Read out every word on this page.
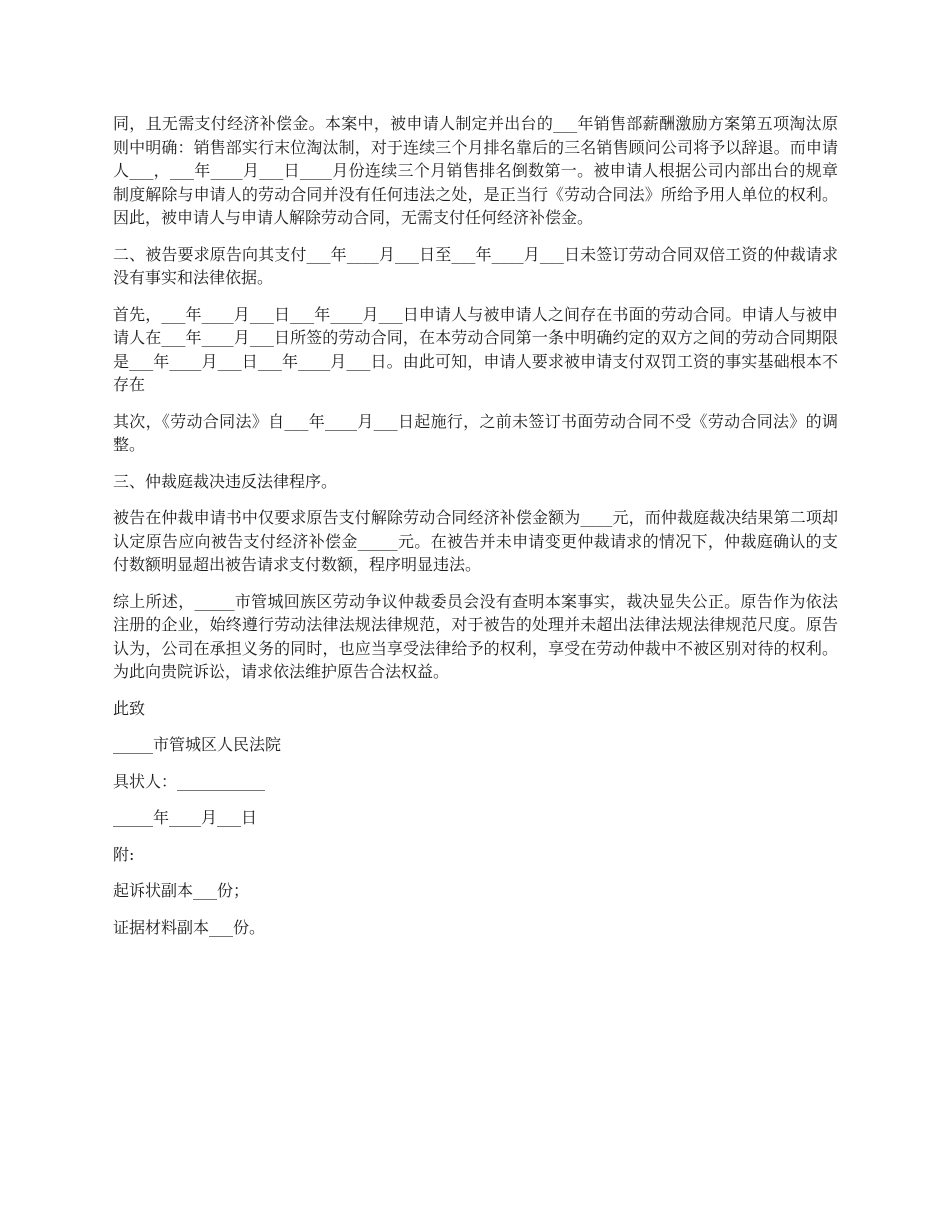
同，且无需支付经济补偿金。本案中，被申请人制定并出台的___年销售部薪酬激励方案第五项淘汰原则中明确：销售部实行末位淘汰制，对于连续三个月排名靠后的三名销售顾问公司将予以辞退。而申请人___，___年____月___日____月份连续三个月销售排名倒数第一。被申请人根据公司内部出台的规章制度解除与申请人的劳动合同并没有任何违法之处，是正当行《劳动合同法》所给予用人单位的权利。因此，被申请人与申请人解除劳动合同，无需支付任何经济补偿金。

二、被告要求原告向其支付___年____月___日至___年____月___日未签订劳动合同双倍工资的仲裁请求没有事实和法律依据。

首先，___年____月___日___年____月___日申请人与被申请人之间存在书面的劳动合同。申请人与被申请人在___年____月___日所签的劳动合同，在本劳动合同第一条中明确约定的双方之间的劳动合同期限是___年____月___日___年____月___日。由此可知，申请人要求被申请支付双罚工资的事实基础根本不存在

其次，《劳动合同法》自___年____月___日起施行，之前未签订书面劳动合同不受《劳动合同法》的调整。

三、仲裁庭裁决违反法律程序。

被告在仲裁申请书中仅要求原告支付解除劳动合同经济补偿金额为____元，而仲裁庭裁决结果第二项却认定原告应向被告支付经济补偿金_____元。在被告并未申请变更仲裁请求的情况下，仲裁庭确认的支付数额明显超出被告请求支付数额，程序明显违法。

综上所述，_____市管城回族区劳动争议仲裁委员会没有查明本案事实，裁决显失公正。原告作为依法注册的企业，始终遵行劳动法律法规法律规范，对于被告的处理并未超出法律法规法律规范尺度。原告认为，公司在承担义务的同时，也应当享受法律给予的权利，享受在劳动仲裁中不被区别对待的权利。为此向贵院诉讼，请求依法维护原告合法权益。

此致

_____市管城区人民法院

具状人：___________

_____年____月___日

附:

起诉状副本___份；

证据材料副本___份。
